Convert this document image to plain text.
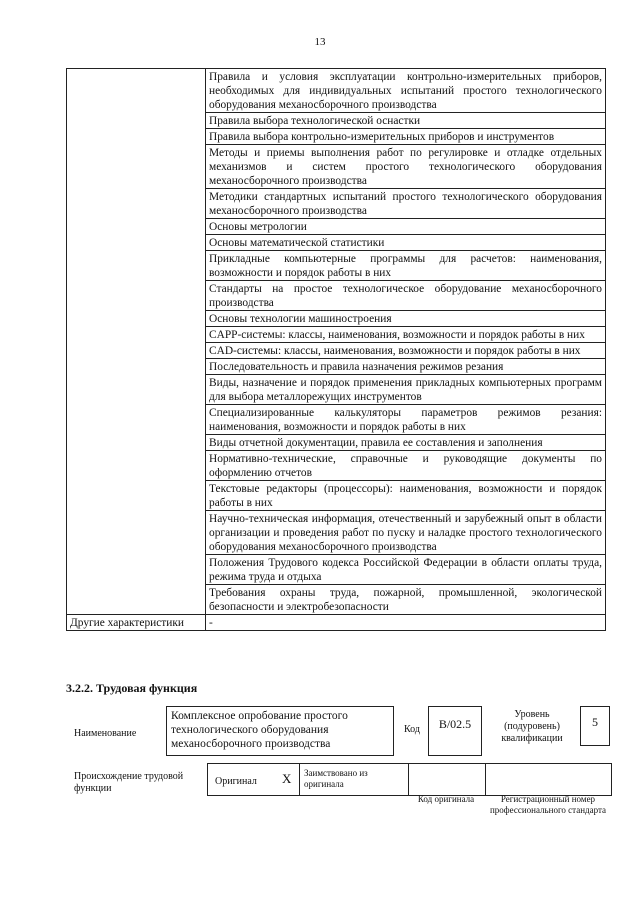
13
	Правила и условия эксплуатации контрольно-измерительных приборов, необходимых для индивидуальных испытаний простого технологического оборудования механосборочного производства
	Правила выбора технологической оснастки
	Правила выбора контрольно-измерительных приборов и инструментов
	Методы и приемы выполнения работ по регулировке и отладке отдельных механизмов и систем простого технологического оборудования механосборочного производства
	Методики стандартных испытаний простого технологического оборудования механосборочного производства
	Основы метрологии
	Основы математической статистики
	Прикладные компьютерные программы для расчетов: наименования, возможности и порядок работы в них
	Стандарты на простое технологическое оборудование механосборочного производства
	Основы технологии машиностроения
	CAPP-системы: классы, наименования, возможности и порядок работы в них
	CAD-системы: классы, наименования, возможности и порядок работы в них
	Последовательность и правила назначения режимов резания
	Виды, назначение и порядок применения прикладных компьютерных программ для выбора металлорежущих инструментов
	Специализированные калькуляторы параметров режимов резания: наименования, возможности и порядок работы в них
	Виды отчетной документации, правила ее составления и заполнения
	Нормативно-технические, справочные и руководящие документы по оформлению отчетов
	Текстовые редакторы (процессоры): наименования, возможности и порядок работы в них
	Научно-техническая информация, отечественный и зарубежный опыт в области организации и проведения работ по пуску и наладке простого технологического оборудования механосборочного производства
	Положения Трудового кодекса Российской Федерации в области оплаты труда, режима труда и отдыха
	Требования охраны труда, пожарной, промышленной, экологической безопасности и электробезопасности
Другие характеристики	-
3.2.2. Трудовая функция
Наименование
Комплексное опробование простого технологического оборудования механосборочного производства
Код	B/02.5
Уровень (подуровень) квалификации
5
Происхождение трудовой функции
Оригинал X Заимствовано из оригинала
Код оригинала	Регистрационный номер профессионального стандарта
